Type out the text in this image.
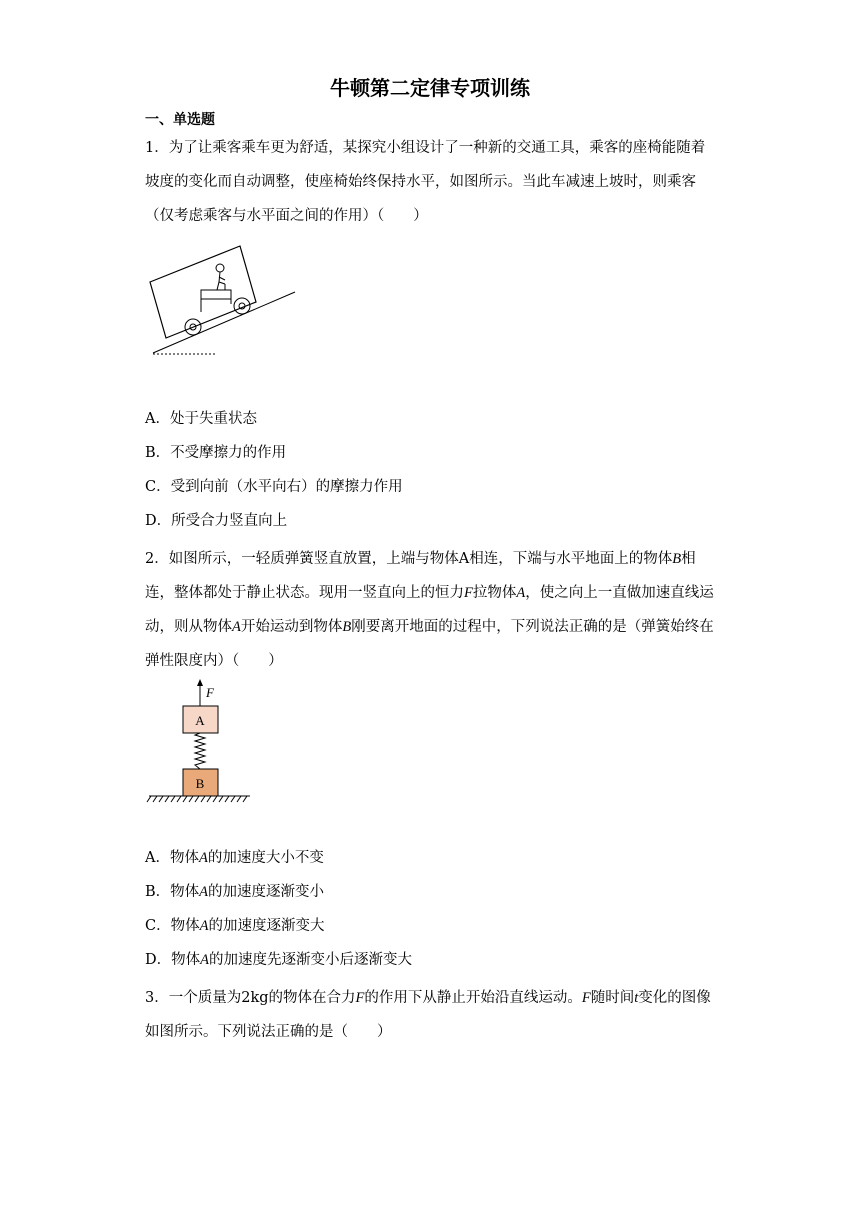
牛顿第二定律专项训练
一、单选题
1．为了让乘客乘车更为舒适，某探究小组设计了一种新的交通工具，乘客的座椅能随着坡度的变化而自动调整，使座椅始终保持水平，如图所示。当此车减速上坡时，则乘客（仅考虑乘客与水平面之间的作用）（　　）
A．处于失重状态
B．不受摩擦力的作用
C．受到向前（水平向右）的摩擦力作用
D．所受合力竖直向上
2．如图所示，一轻质弹簧竖直放置，上端与物体A相连，下端与水平地面上的物体B相连，整体都处于静止状态。现用一竖直向上的恒力F拉物体A，使之向上一直做加速直线运动，则从物体A开始运动到物体B刚要离开地面的过程中，下列说法正确的是（弹簧始终在弹性限度内）（　　）
F
A
B
A．物体A的加速度大小不变
B．物体A的加速度逐渐变小
C．物体A的加速度逐渐变大
D．物体A的加速度先逐渐变小后逐渐变大
3．一个质量为2kg的物体在合力F的作用下从静止开始沿直线运动。F随时间t变化的图像如图所示。下列说法正确的是（　　）
